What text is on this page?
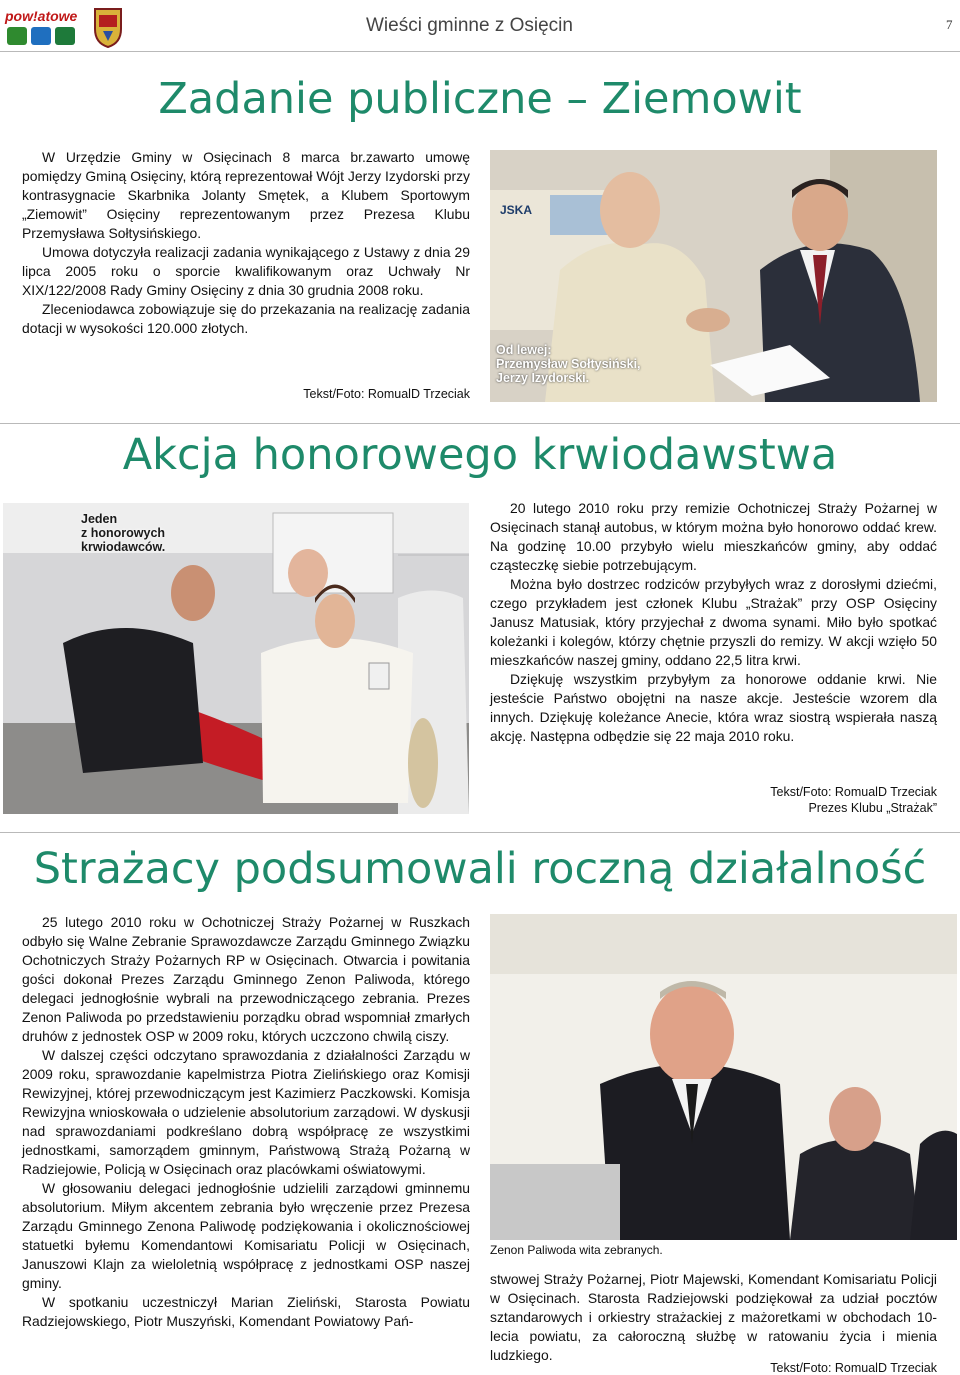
pow!atowe	Wieści gminne z Osięcin	7
Zadanie publiczne – Ziemowit

W Urzędzie Gminy w Osięcinach 8 marca br.zawarto umowę pomiędzy Gminą Osięciny, którą reprezentował Wójt Jerzy Izydorski przy kontrasygnacie Skarbnika Jolanty Smętek, a Klubem Sportowym „Ziemowit” Osięciny reprezentowanym przez Prezesa Klubu Przemysława Sołtysińskiego.

Umowa dotyczyła realizacji zadania wynikającego z Ustawy z dnia 29 lipca 2005 roku o sporcie kwalifikowanym oraz Uchwały Nr XIX/122/2008 Rady Gminy Osięciny z dnia 30 grudnia 2008 roku.

Zleceniodawca zobowiązuje się do przekazania na realizację zadania dotacji w wysokości 120.000 złotych.

Tekst/Foto: RomualD Trzeciak
JSKA
Od lewej:
Przemysław Sołtysiński,
Jerzy Izydorski.
Akcja honorowego krwiodawstwa
Jeden
z honorowych
krwiodawców.

20 lutego 2010 roku przy remizie Ochotniczej Straży Pożarnej w Osięcinach stanął autobus, w którym można było honorowo oddać krew. Na godzinę 10.00 przybyło wielu mieszkańców gminy, aby oddać cząsteczkę siebie potrzebującym.

Można było dostrzec rodziców przybyłych wraz z dorosłymi dziećmi, czego przykładem jest członek Klubu „Strażak” przy OSP Osięciny Janusz Matusiak, który przyjechał z dwoma synami. Miło było spotkać koleżanki i kolegów, którzy chętnie przyszli do remizy. W akcji wzięło 50 mieszkańców naszej gminy, oddano 22,5 litra krwi.

Dziękuję wszystkim przybyłym za honorowe oddanie krwi. Nie jesteście Państwo obojętni na nasze akcje. Jesteście wzorem dla innych. Dziękuję koleżance Anecie, która wraz siostrą wspierała naszą akcję. Następna odbędzie się 22 maja 2010 roku.

Tekst/Foto: RomualD Trzeciak
Prezes Klubu „Strażak”
Strażacy podsumowali roczną działalność

25 lutego 2010 roku w Ochotniczej Straży Pożarnej w Ruszkach odbyło się Walne Zebranie Sprawozdawcze Zarządu Gminnego Związku Ochotniczych Straży Pożarnych RP w Osięcinach. Otwarcia i powitania gości dokonał Prezes Zarządu Gminnego Zenon Paliwoda, którego delegaci jednogłośnie wybrali na przewodniczącego zebrania. Prezes Zenon Paliwoda po przedstawieniu porządku obrad wspomniał zmarłych druhów z jednostek OSP w 2009 roku, których uczczono chwilą ciszy.

W dalszej części odczytano sprawozdania z działalności Zarządu w 2009 roku, sprawozdanie kapelmistrza Piotra Zielińskiego oraz Komisji Rewizyjnej, której przewodniczącym jest Kazimierz Paczkowski. Komisja Rewizyjna wnioskowała o udzielenie absolutorium zarządowi. W dyskusji nad sprawozdaniami podkreślano dobrą współpracę ze wszystkimi jednostkami, samorządem gminnym, Państwową Strażą Pożarną w Radziejowie, Policją w Osięcinach oraz placówkami oświatowymi.

W głosowaniu delegaci jednogłośnie udzielili zarządowi gminnemu absolutorium. Miłym akcentem zebrania było wręczenie przez Prezesa Zarządu Gminnego Zenona Paliwodę podziękowania i okolicznościowej statuetki byłemu Komendantowi Komisariatu Policji w Osięcinach, Januszowi Klajn za wieloletnią współpracę z jednostkami OSP naszej gminy.

W spotkaniu uczestniczył Marian Zieliński, Starosta Powiatu Radziejowskiego, Piotr Muszyński, Komendant Powiatowy Pań-

Zenon Paliwoda wita zebranych.
stwowej Straży Pożarnej, Piotr Majewski, Komendant Komisariatu Policji w Osięcinach. Starosta Radziejowski podziękował za udział pocztów sztandarowych i orkiestry strażackiej z mażoretkami w obchodach 10-lecia powiatu, za całoroczną służbę w ratowaniu życia i mienia ludzkiego.
Tekst/Foto: RomualD Trzeciak
